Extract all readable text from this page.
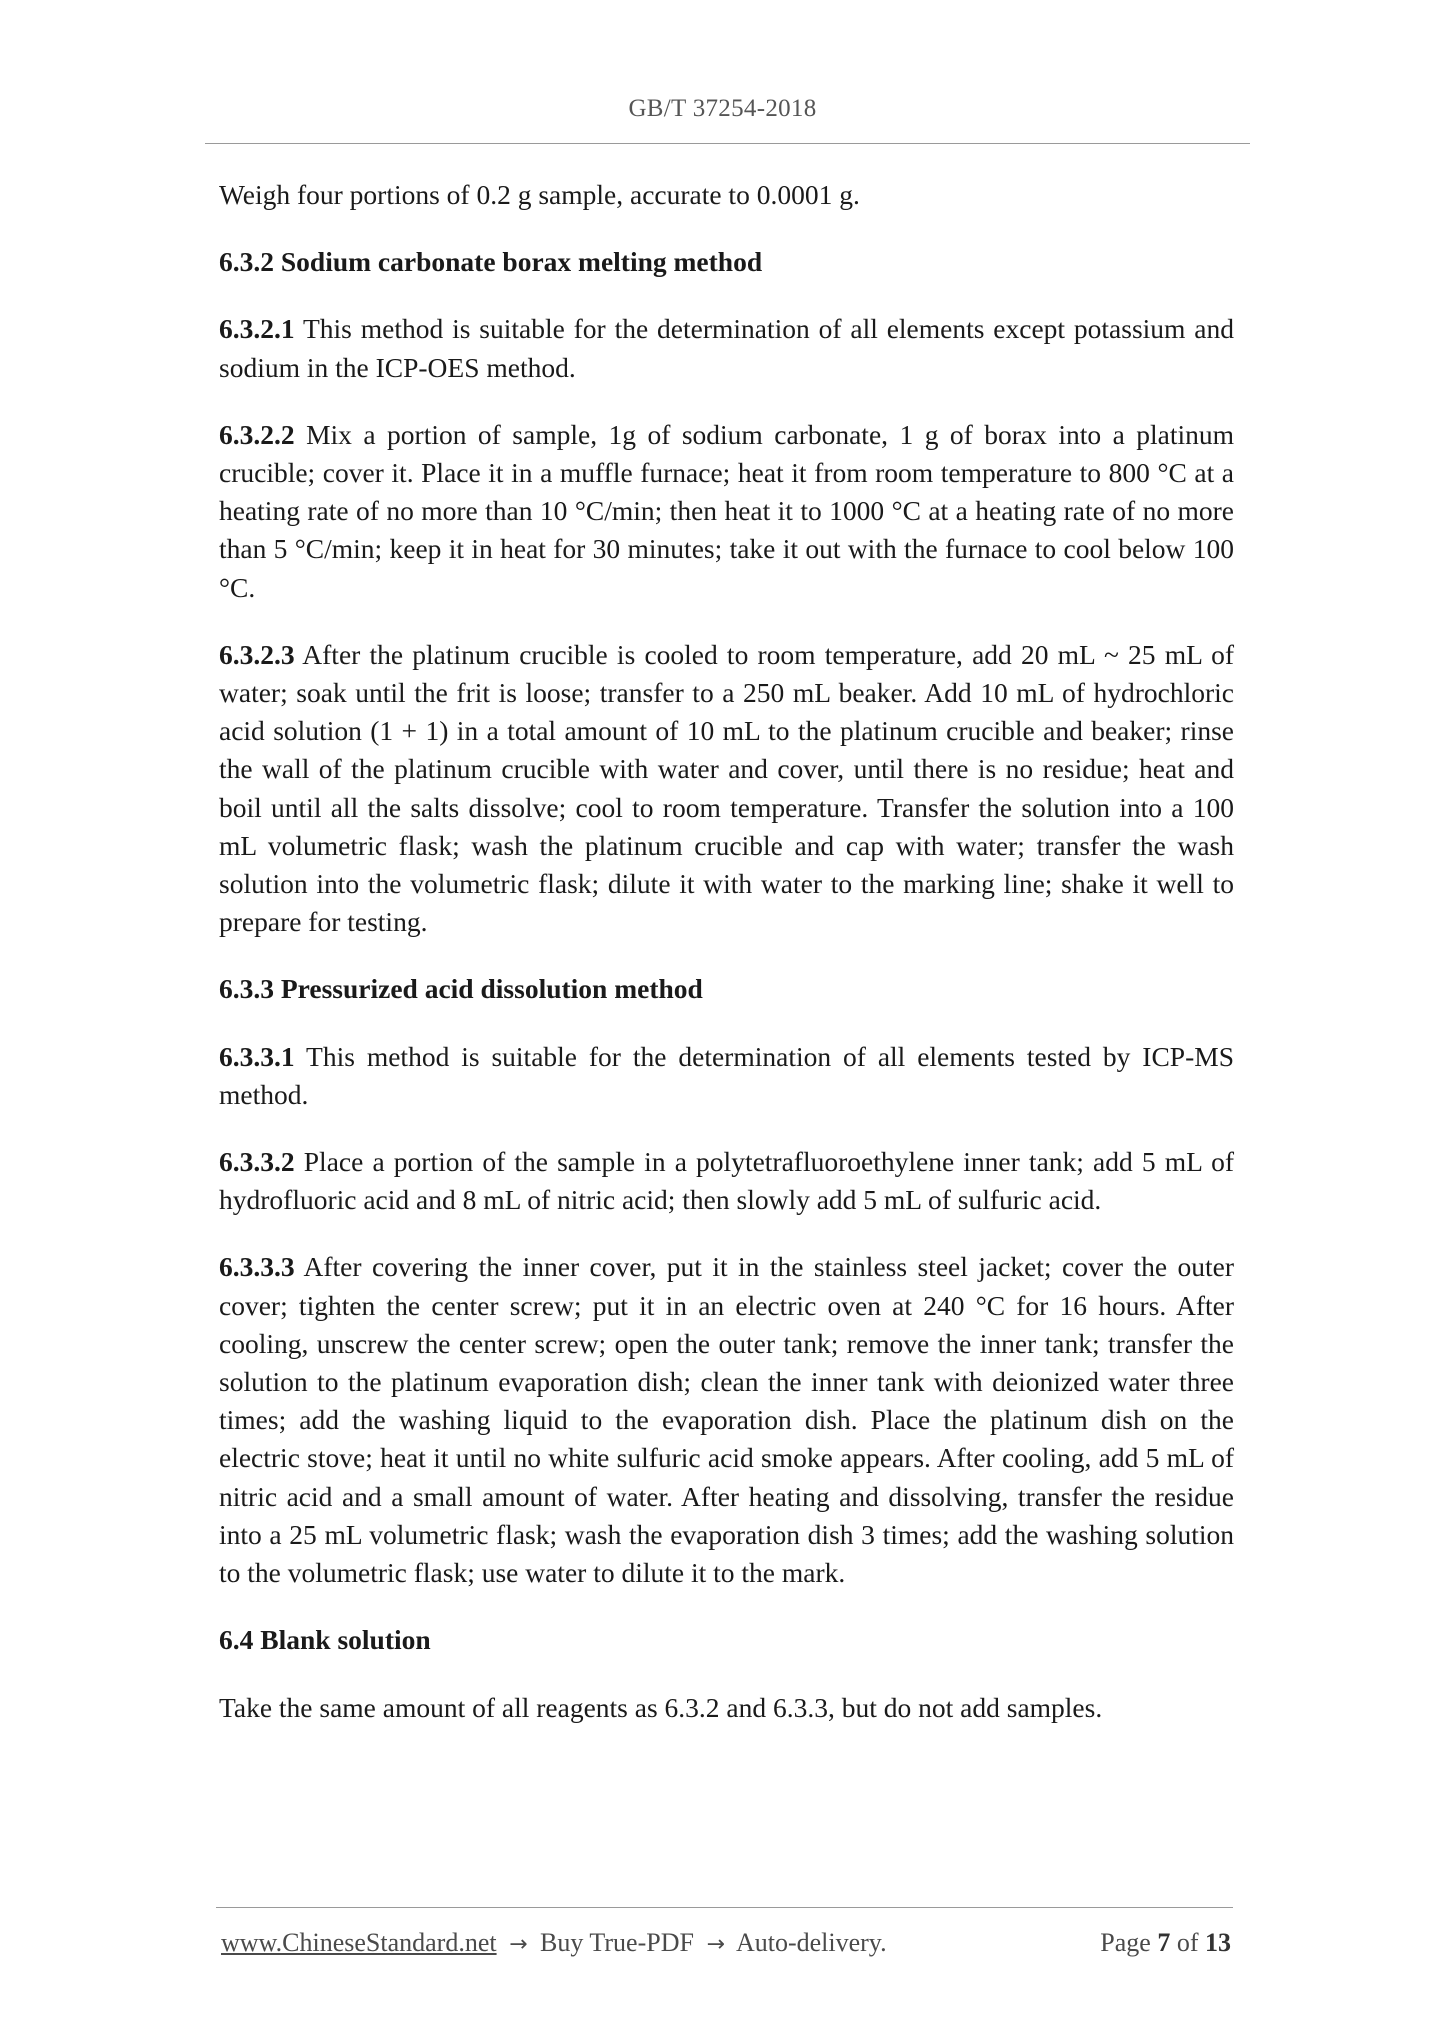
GB/T 37254-2018

Weigh four portions of 0.2 g sample, accurate to 0.0001 g.

6.3.2 Sodium carbonate borax melting method

6.3.2.1 This method is suitable for the determination of all elements except potassium and sodium in the ICP-OES method.

6.3.2.2 Mix a portion of sample, 1g of sodium carbonate, 1 g of borax into a platinum crucible; cover it. Place it in a muffle furnace; heat it from room temperature to 800 °C at a heating rate of no more than 10 °C/min; then heat it to 1000 °C at a heating rate of no more than 5 °C/min; keep it in heat for 30 minutes; take it out with the furnace to cool below 100 °C.

6.3.2.3 After the platinum crucible is cooled to room temperature, add 20 mL ~ 25 mL of water; soak until the frit is loose; transfer to a 250 mL beaker. Add 10 mL of hydrochloric acid solution (1 + 1) in a total amount of 10 mL to the platinum crucible and beaker; rinse the wall of the platinum crucible with water and cover, until there is no residue; heat and boil until all the salts dissolve; cool to room temperature. Transfer the solution into a 100 mL volumetric flask; wash the platinum crucible and cap with water; transfer the wash solution into the volumetric flask; dilute it with water to the marking line; shake it well to prepare for testing.

6.3.3 Pressurized acid dissolution method

6.3.3.1 This method is suitable for the determination of all elements tested by ICP-MS method.

6.3.3.2 Place a portion of the sample in a polytetrafluoroethylene inner tank; add 5 mL of hydrofluoric acid and 8 mL of nitric acid; then slowly add 5 mL of sulfuric acid.

6.3.3.3 After covering the inner cover, put it in the stainless steel jacket; cover the outer cover; tighten the center screw; put it in an electric oven at 240 °C for 16 hours. After cooling, unscrew the center screw; open the outer tank; remove the inner tank; transfer the solution to the platinum evaporation dish; clean the inner tank with deionized water three times; add the washing liquid to the evaporation dish. Place the platinum dish on the electric stove; heat it until no white sulfuric acid smoke appears. After cooling, add 5 mL of nitric acid and a small amount of water. After heating and dissolving, transfer the residue into a 25 mL volumetric flask; wash the evaporation dish 3 times; add the washing solution to the volumetric flask; use water to dilute it to the mark.

6.4 Blank solution

Take the same amount of all reagents as 6.3.2 and 6.3.3, but do not add samples.

www.ChineseStandard.net → Buy True-PDF → Auto-delivery.	Page 7 of 13
